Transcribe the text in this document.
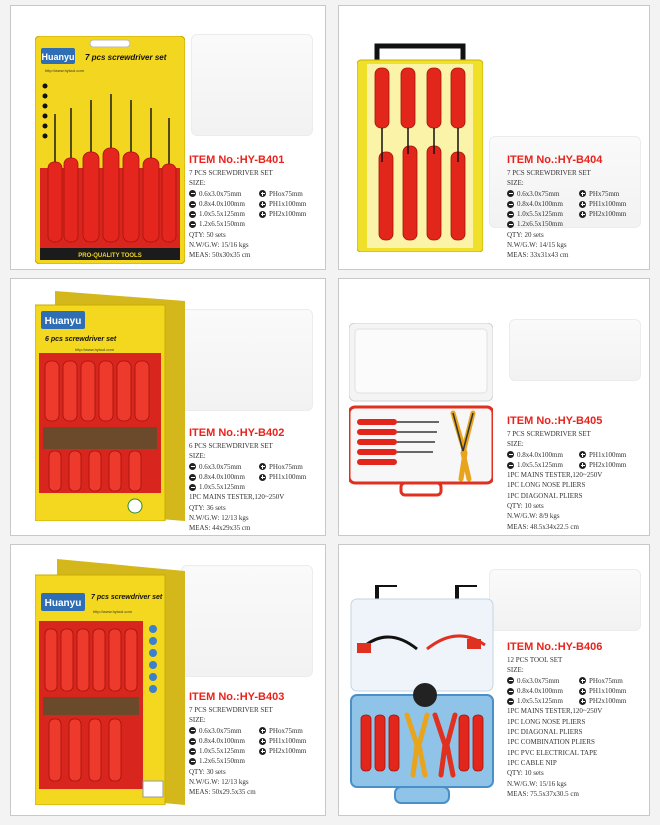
Huanyu 7 pcs screwdriver set
http://www.hytool.com
PRO-QUALITY TOOLS
ITEM No.:HY-B401
7 PCS SCREWDRIVER SET
SIZE:
0.6x3.0x75mm	PHox75mm
0.8x4.0x100mm	PH1x100mm
1.0x5.5x125mm	PH2x100mm
1.2x6.5x150mm
QTY: 50 sets
N.W/G.W: 15/16 kgs
MEAS: 50x30x35 cm
ITEM No.:HY-B404
7 PCS SCREWDRIVER SET
SIZE:
0.6x3.0x75mm	PHx75mm
0.8x4.0x100mm	PH1x100mm
1.0x5.5x125mm	PH2x100mm
1.2x6.5x150mm
QTY: 20 sets
N.W/G.W: 14/15 kgs
MEAS: 33x31x43 cm
Huanyu
6 pcs screwdriver set
http://www.hytool.com
ITEM No.:HY-B402
6 PCS SCREWDRIVER SET
SIZE:
0.6x3.0x75mm	PHox75mm
0.8x4.0x100mm	PH1x100mm
1.0x5.5x125mm
1PC MAINS TESTER,120~250V
QTY: 36 sets
N.W/G.W: 12/13 kgs
MEAS: 44x29x35 cm
ITEM No.:HY-B405
7 PCS SCREWDRIVER SET
SIZE:
0.8x4.0x100mm	PH1x100mm
1.0x5.5x125mm	PH2x100mm
1PC MAINS TESTER,120~250V
1PC LONG NOSE PLIERS
1PC DIAGONAL PLIERS
QTY: 10 sets
N.W/G.W: 8/9 kgs
MEAS: 48.5x34x22.5 cm
Huanyu
7 pcs screwdriver set
http://www.hytool.com
ITEM No.:HY-B403
7 PCS SCREWDRIVER SET
SIZE:
0.6x3.0x75mm	PHox75mm
0.8x4.0x100mm	PH1x100mm
1.0x5.5x125mm	PH2x100mm
1.2x6.5x150mm
QTY: 30 sets
N.W/G.W: 12/13 kgs
MEAS: 50x29.5x35 cm
ITEM No.:HY-B406
12 PCS TOOL SET
SIZE:
0.6x3.0x75mm	PHox75mm
0.8x4.0x100mm	PH1x100mm
1.0x5.5x125mm	PH2x100mm
1PC MAINS TESTER,120~250V
1PC LONG NOSE PLIERS
1PC DIAGONAL PLIERS
1PC COMBINATION PLIERS
1PC PVC ELECTRICAL TAPE
1PC CABLE NIP
QTY: 10 sets
N.W/G.W: 15/16 kgs
MEAS: 75.5x37x30.5 cm
